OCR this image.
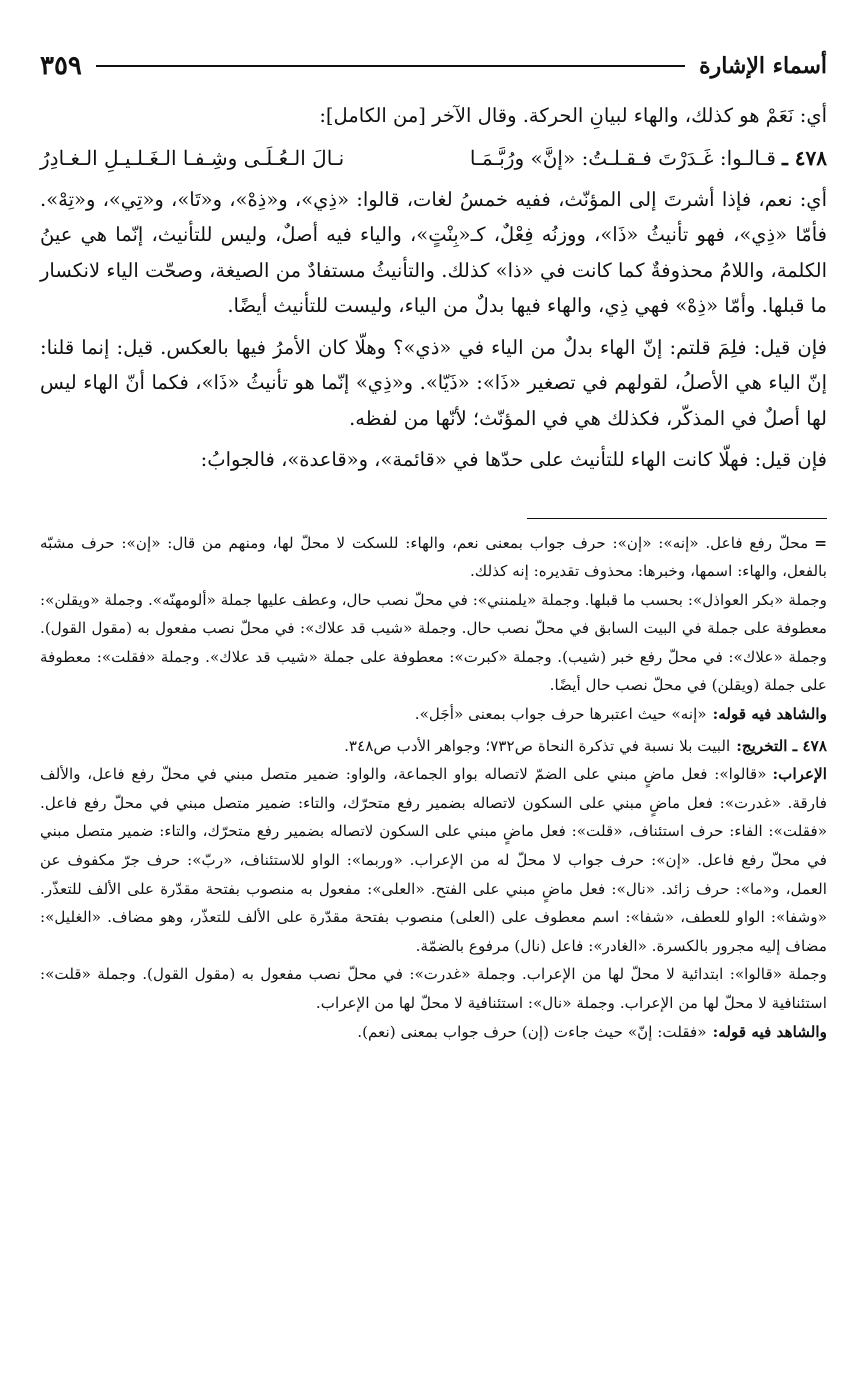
أسماء الإشارة
٣٥٩

أي: نَعَمْ هو كذلك، والهاء لبيانِ الحركة. وقال الآخر [من الكامل]:

٤٧٨ ـ
قـالـوا: غَـدَرْتَ فـقـلـتُ: «إنَّ» ورُبَّـمَـا
نـالَ الـعُـلَـى وشِـفـا الـغَـلـيـلِ الـغـادِرُ

أي: نعم، فإذا أشرتَ إلى المؤنّث، ففيه خمسُ لغات، قالوا: «ذِي»، و«ذِهْ»، و«تَا»، و«تِي»، و«تِهْ». فأمّا «ذِي»، فهو تأنيثُ «ذَا»، ووزنُه فِعْلٌ، كـ«بِنْتٍ»، والياء فيه أصلٌ، وليس للتأنيث، إنّما هي عينُ الكلمة، واللامُ محذوفةٌ كما كانت في «ذا» كذلك. والتأنيثُ مستفادٌ من الصيغة، وصحّت الياء لانكسار ما قبلها. وأمّا «ذِهْ» فهي ذِي، والهاء فيها بدلٌ من الياء، وليست للتأنيث أيضًا.

فإن قيل: فلِمَ قلتم: إنّ الهاء بدلٌ من الياء في «ذي»؟ وهلّا كان الأمرُ فيها بالعكس. قيل: إنما قلنا: إنّ الياء هي الأصلُ، لقولهم في تصغير «ذَا»: «ذَيّا». و«ذِي» إنّما هو تأنيثُ «ذَا»، فكما أنّ الهاء ليس لها أصلٌ في المذكّر، فكذلك هي في المؤنّث؛ لأنّها من لفظه.

فإن قيل: فهلّا كانت الهاء للتأنيث على حدّها في «قائمة»، و«قاعدة»، فالجوابُ:

=محلّ رفع فاعل. «إنه»: «إن»: حرف جواب بمعنى نعم، والهاء: للسكت لا محلّ لها، ومنهم من قال: «إن»: حرف مشبّه بالفعل، والهاء: اسمها، وخبرها: محذوف تقديره: إنه كذلك.

وجملة «بكر العواذل»: بحسب ما قبلها. وجملة «يلمنني»: في محلّ نصب حال، وعطف عليها جملة «ألومهنّه». وجملة «ويقلن»: معطوفة على جملة في البيت السابق في محلّ نصب حال. وجملة «شيب قد علاك»: في محلّ نصب مفعول به (مقول القول). وجملة «علاك»: في محلّ رفع خبر (شيب). وجملة «كبرت»: معطوفة على جملة «شيب قد علاك». وجملة «فقلت»: معطوفة على جملة (ويقلن) في محلّ نصب حال أيضًا.

والشاهد فيه قوله:«إنه» حيث اعتبرها حرف جواب بمعنى «أجَل».

٤٧٨ ـ التخريج:البيت بلا نسبة في تذكرة النحاة ص٧٣٢؛ وجواهر الأدب ص٣٤٨.

الإعراب:«قالوا»: فعل ماضٍ مبني على الضمّ لاتصاله بواو الجماعة، والواو: ضمير متصل مبني في محلّ رفع فاعل، والألف فارقة. «غدرت»: فعل ماضٍ مبني على السكون لاتصاله بضمير رفع متحرّك، والتاء: ضمير متصل مبني في محلّ رفع فاعل. «فقلت»: الفاء: حرف استئناف، «قلت»: فعل ماضٍ مبني على السكون لاتصاله بضمير رفع متحرّك، والتاء: ضمير متصل مبني في محلّ رفع فاعل. «إن»: حرف جواب لا محلّ له من الإعراب. «وربما»: الواو للاستئناف، «ربّ»: حرف جرّ مكفوف عن العمل، و«ما»: حرف زائد. «نال»: فعل ماضٍ مبني على الفتح. «العلى»: مفعول به منصوب بفتحة مقدّرة على الألف للتعذّر. «وشفا»: الواو للعطف، «شفا»: اسم معطوف على (العلى) منصوب بفتحة مقدّرة على الألف للتعذّر، وهو مضاف. «الغليل»: مضاف إليه مجرور بالكسرة. «الغادر»: فاعل (نال) مرفوع بالضمّة.

وجملة «قالوا»: ابتدائية لا محلّ لها من الإعراب. وجملة «غدرت»: في محلّ نصب مفعول به (مقول القول). وجملة «قلت»: استئنافية لا محلّ لها من الإعراب. وجملة «نال»: استئنافية لا محلّ لها من الإعراب.

والشاهد فيه قوله:«فقلت: إنّ» حيث جاءت (إن) حرف جواب بمعنى (نعم).
